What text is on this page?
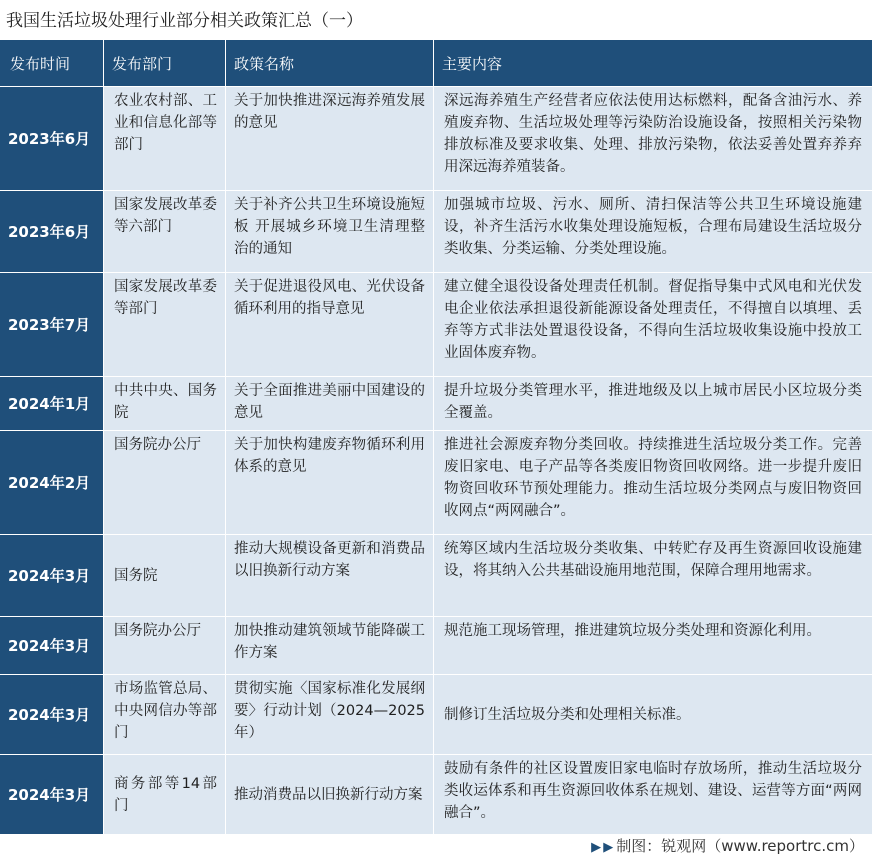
我国生活垃圾处理行业部分相关政策汇总（一）
发布时间	发布部门	政策名称	主要内容
2023年6月	农业农村部、工业和信息化部等部门	关于加快推进深远海养殖发展的意见	深远海养殖生产经营者应依法使用达标燃料，配备含油污水、养殖废弃物、生活垃圾处理等污染防治设施设备，按照相关污染物排放标准及要求收集、处理、排放污染物，依法妥善处置弃养弃用深远海养殖装备。
2023年6月	国家发展改革委等六部门	关于补齐公共卫生环境设施短板 开展城乡环境卫生清理整治的通知	加强城市垃圾、污水、厕所、清扫保洁等公共卫生环境设施建设，补齐生活污水收集处理设施短板，合理布局建设生活垃圾分类收集、分类运输、分类处理设施。
2023年7月	国家发展改革委等部门	关于促进退役风电、光伏设备循环利用的指导意见	建立健全退役设备处理责任机制。督促指导集中式风电和光伏发电企业依法承担退役新能源设备处理责任，不得擅自以填埋、丢弃等方式非法处置退役设备，不得向生活垃圾收集设施中投放工业固体废弃物。
2024年1月	中共中央、国务院	关于全面推进美丽中国建设的意见	提升垃圾分类管理水平，推进地级及以上城市居民小区垃圾分类全覆盖。
2024年2月	国务院办公厅	关于加快构建废弃物循环利用体系的意见	推进社会源废弃物分类回收。持续推进生活垃圾分类工作。完善废旧家电、电子产品等各类废旧物资回收网络。进一步提升废旧物资回收环节预处理能力。推动生活垃圾分类网点与废旧物资回收网点“两网融合”。
2024年3月	国务院	推动大规模设备更新和消费品以旧换新行动方案	统筹区域内生活垃圾分类收集、中转贮存及再生资源回收设施建设，将其纳入公共基础设施用地范围，保障合理用地需求。
2024年3月	国务院办公厅	加快推动建筑领域节能降碳工作方案	规范施工现场管理，推进建筑垃圾分类处理和资源化利用。
2024年3月	市场监管总局、中央网信办等部门	贯彻实施〈国家标准化发展纲要〉行动计划（2024—2025年）	制修订生活垃圾分类和处理相关标准。
2024年3月	商务部等14部门	推动消费品以旧换新行动方案	鼓励有条件的社区设置废旧家电临时存放场所，推动生活垃圾分类收运体系和再生资源回收体系在规划、建设、运营等方面“两网融合”。
▶ ▶ 制图：锐观网（www.reportrc.cm）
